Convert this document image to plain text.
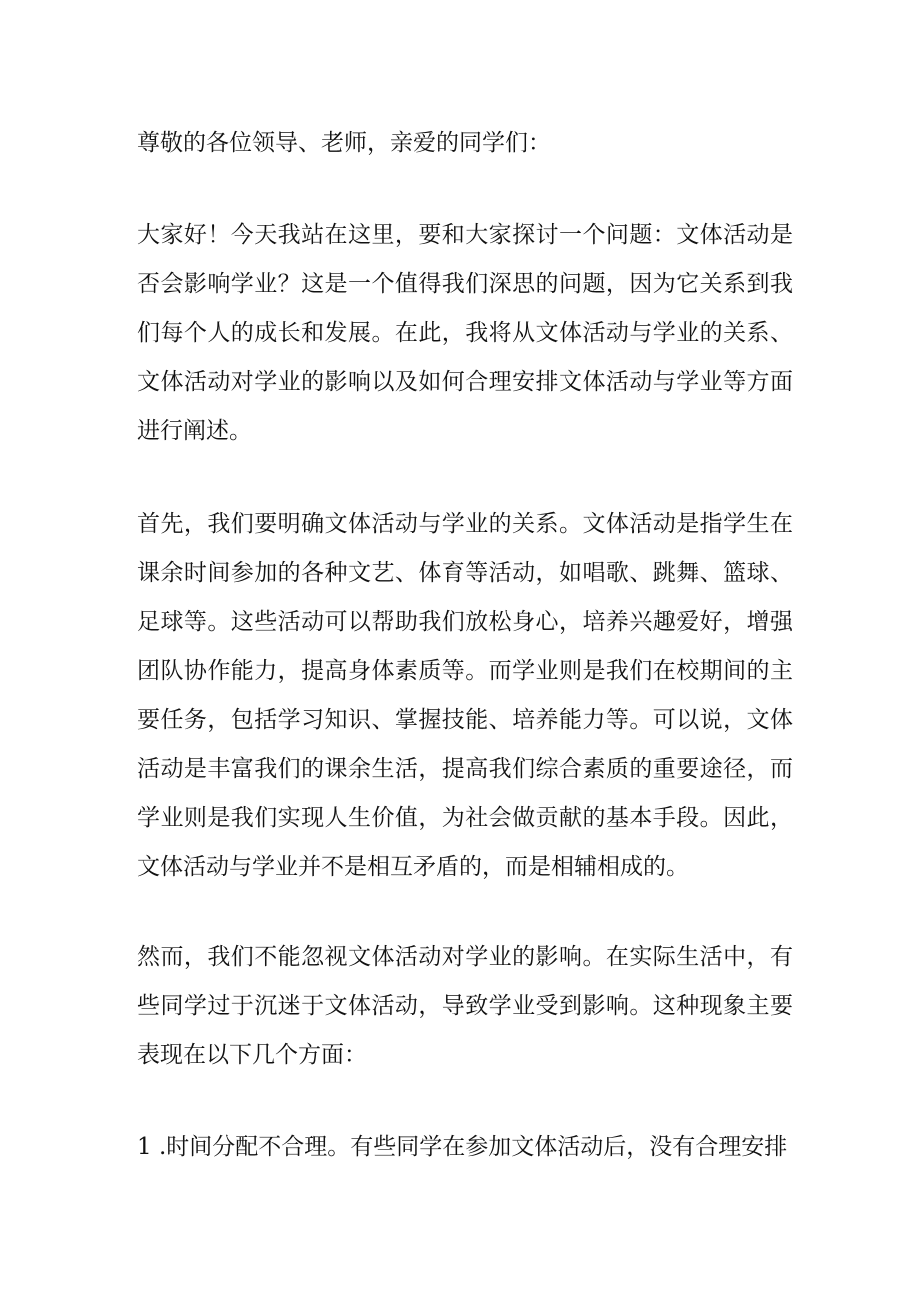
尊敬的各位领导、老师，亲爱的同学们：

大家好！今天我站在这里，要和大家探讨一个问题：文体活动是否会影响学业？这是一个值得我们深思的问题，因为它关系到我们每个人的成长和发展。在此，我将从文体活动与学业的关系、文体活动对学业的影响以及如何合理安排文体活动与学业等方面进行阐述。

首先，我们要明确文体活动与学业的关系。文体活动是指学生在课余时间参加的各种文艺、体育等活动，如唱歌、跳舞、篮球、足球等。这些活动可以帮助我们放松身心，培养兴趣爱好，增强团队协作能力，提高身体素质等。而学业则是我们在校期间的主要任务，包括学习知识、掌握技能、培养能力等。可以说，文体活动是丰富我们的课余生活，提高我们综合素质的重要途径，而学业则是我们实现人生价值，为社会做贡献的基本手段。因此，文体活动与学业并不是相互矛盾的，而是相辅相成的。

然而，我们不能忽视文体活动对学业的影响。在实际生活中，有些同学过于沉迷于文体活动，导致学业受到影响。这种现象主要表现在以下几个方面：

1 .时间分配不合理。有些同学在参加文体活动后，没有合理安排
